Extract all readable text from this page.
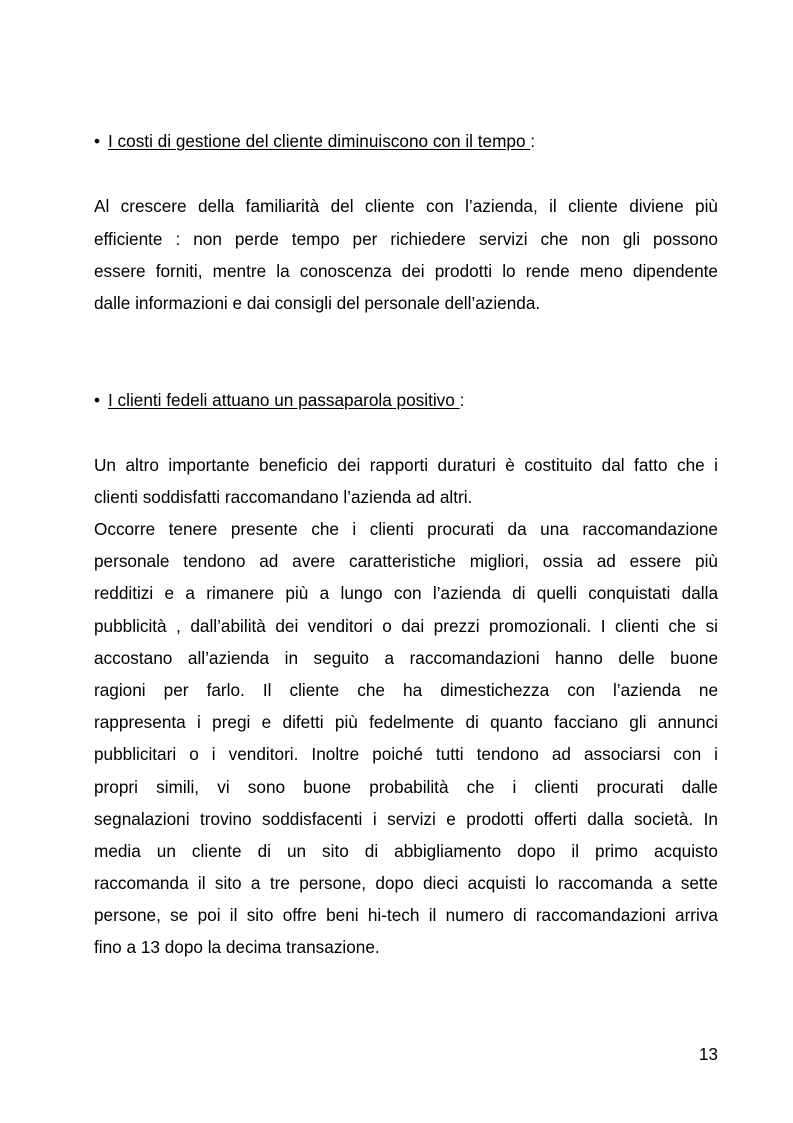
• I costi di gestione del cliente diminuiscono con il tempo :
Al crescere della familiarità del cliente con l’azienda, il cliente diviene più
efficiente : non perde tempo per richiedere servizi che non gli possono
essere forniti, mentre la conoscenza dei prodotti lo rende meno dipendente
dalle informazioni e dai consigli del personale dell’azienda.
• I clienti fedeli attuano un passaparola positivo :
Un altro importante beneficio dei rapporti duraturi è costituito dal fatto che i
clienti soddisfatti raccomandano l’azienda ad altri.
Occorre tenere presente che i clienti procurati da una raccomandazione
personale tendono ad avere caratteristiche migliori, ossia ad essere più
redditizi e a rimanere più a lungo con l’azienda di quelli conquistati dalla
pubblicità , dall’abilità dei venditori o dai prezzi promozionali. I clienti che si
accostano all’azienda in seguito a raccomandazioni hanno delle buone
ragioni per farlo. Il cliente che ha dimestichezza con l’azienda ne
rappresenta i pregi e difetti più fedelmente di quanto facciano gli annunci
pubblicitari o i venditori. Inoltre poiché tutti tendono ad associarsi con i
propri simili, vi sono buone probabilità che i clienti procurati dalle
segnalazioni trovino soddisfacenti i servizi e prodotti offerti dalla società. In
media un cliente di un sito di abbigliamento dopo il primo acquisto
raccomanda il sito a tre persone, dopo dieci acquisti lo raccomanda a sette
persone, se poi il sito offre beni hi-tech il numero di raccomandazioni arriva
fino a 13 dopo la decima transazione.
13
